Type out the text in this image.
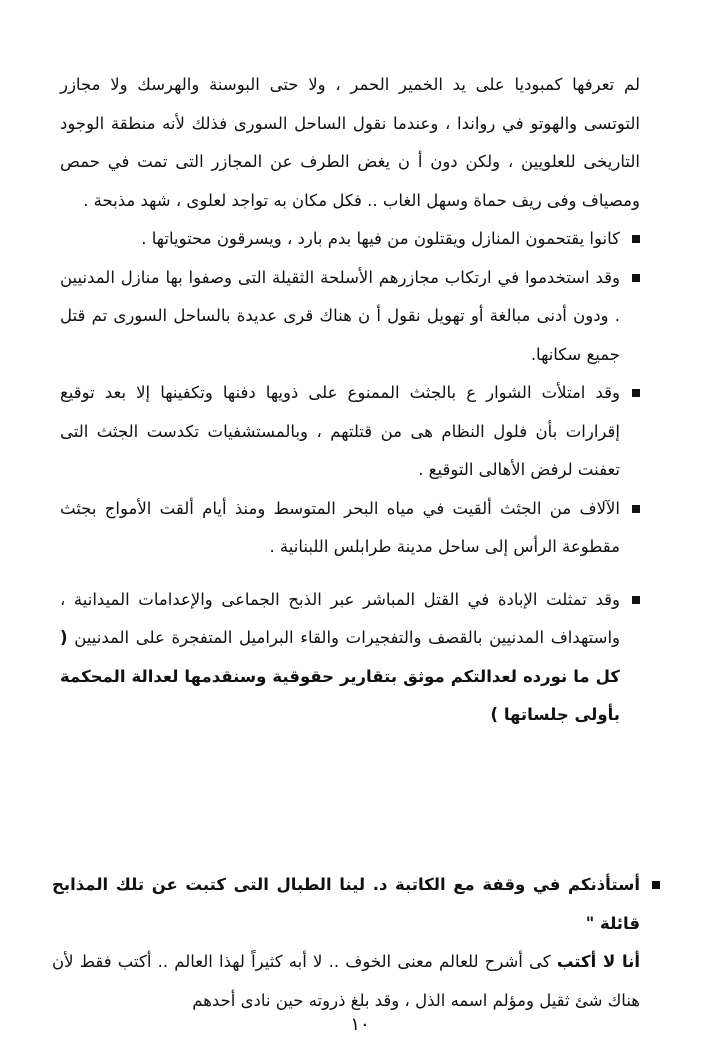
لم تعرفها كمبوديا على يد الخمير الحمر ، ولا حتى البوسنة والهرسك ولا مجازر التوتسى والهوتو في رواندا ، وعندما نقول الساحل السورى فذلك لأنه منطقة الوجود التاريخى للعلويين ، ولكن دون أ ن يغض الطرف عن المجازر التى تمت في حمص ومصياف وفى ريف حماة وسهل الغاب .. فكل مكان به تواجد لعلوى ، شهد مذبحة .

كانوا يقتحمون المنازل ويقتلون من فيها بدم بارد ، ويسرقون محتوياتها .
وقد استخدموا في ارتكاب مجازرهم الأسلحة الثقيلة التى وصفوا بها منازل المدنيين . ودون أدنى مبالغة أو تهويل نقول أ ن هناك قرى عديدة بالساحل السورى تم قتل جميع سكانها.
وقد امتلأت الشوار ع بالجثث الممنوع على ذويها دفنها وتكفينها إلا بعد توقيع إقرارات بأن فلول النظام هى من قتلتهم ، وبالمستشفيات تكدست الجثث التى تعفنت لرفض الأهالى التوقيع .
الآلاف من الجثث ألقيت في مياه البحر المتوسط ومنذ أيام ألقت الأمواج بجثث مقطوعة الرأس إلى ساحل مدينة طرابلس اللبنانية .
وقد تمثلت الإبادة في القتل المباشر عبر الذبح الجماعى والإعدامات الميدانية ، واستهداف المدنيين بالقصف والتفجيرات والقاء البراميل المتفجرة على المدنيين ( كل ما نورده لعدالتكم موثق بتقارير حقوقية وسنقدمها لعدالة المحكمة بأولى جلساتها )
أستأذنكم في وقفة مع الكاتبة د. لينا الطبال التى كتبت عن تلك المذابح قائلة "
أنا لا أكتب كى أشرح للعالم معنى الخوف .. لا أبه كثيراً لهذا العالم .. أكتب فقط لأن هناك شئ ثقيل ومؤلم اسمه الذل ، وقد بلغ ذروته حين نادى أحدهم
١٠
